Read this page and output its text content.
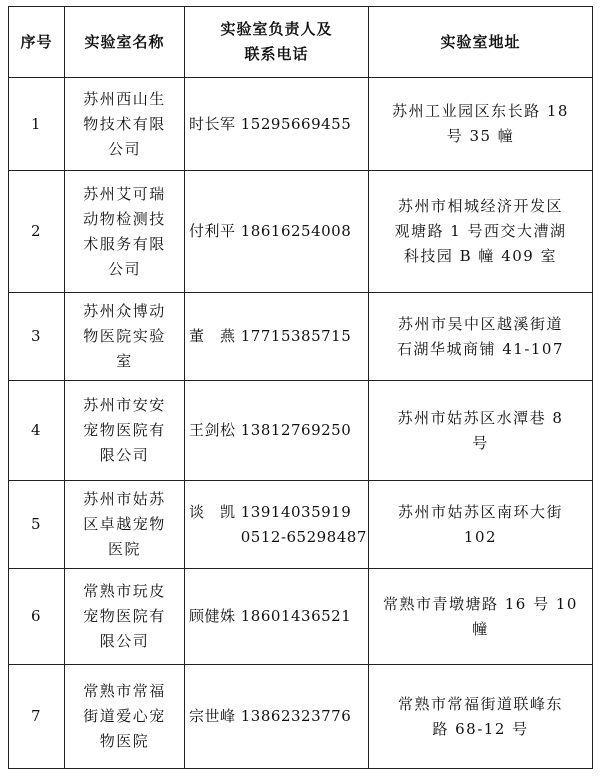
序号	实验室名称	实验室负责人及
联系电话	实验室地址
1	苏州西山生
物技术有限
公司	时长军 15295669455	苏州工业园区东长路 18
号 35 幢

2	苏州艾可瑞
动物检测技
术服务有限
公司	付利平 18616254008	苏州市相城经济开发区
观塘路 1 号西交大漕湖
科技园 B 幢 409 室

3	苏州众博动
物医院实验
室	董　燕 17715385715	苏州市吴中区越溪街道
石湖华城商铺 41-107

4	苏州市安安
宠物医院有
限公司	王剑松 13812769250	苏州市姑苏区水潭巷 8
号

5	苏州市姑苏
区卓越宠物
医院	谈　凯 13914035919
　　　 0512-65298487	苏州市姑苏区南环大街
102

6	常熟市玩皮
宠物医院有
限公司	顾健姝 18601436521	常熟市青墩塘路 16 号 10
幢

7	常熟市常福
街道爱心宠
物医院	宗世峰 13862323776	常熟市常福街道联峰东
路 68-12 号
